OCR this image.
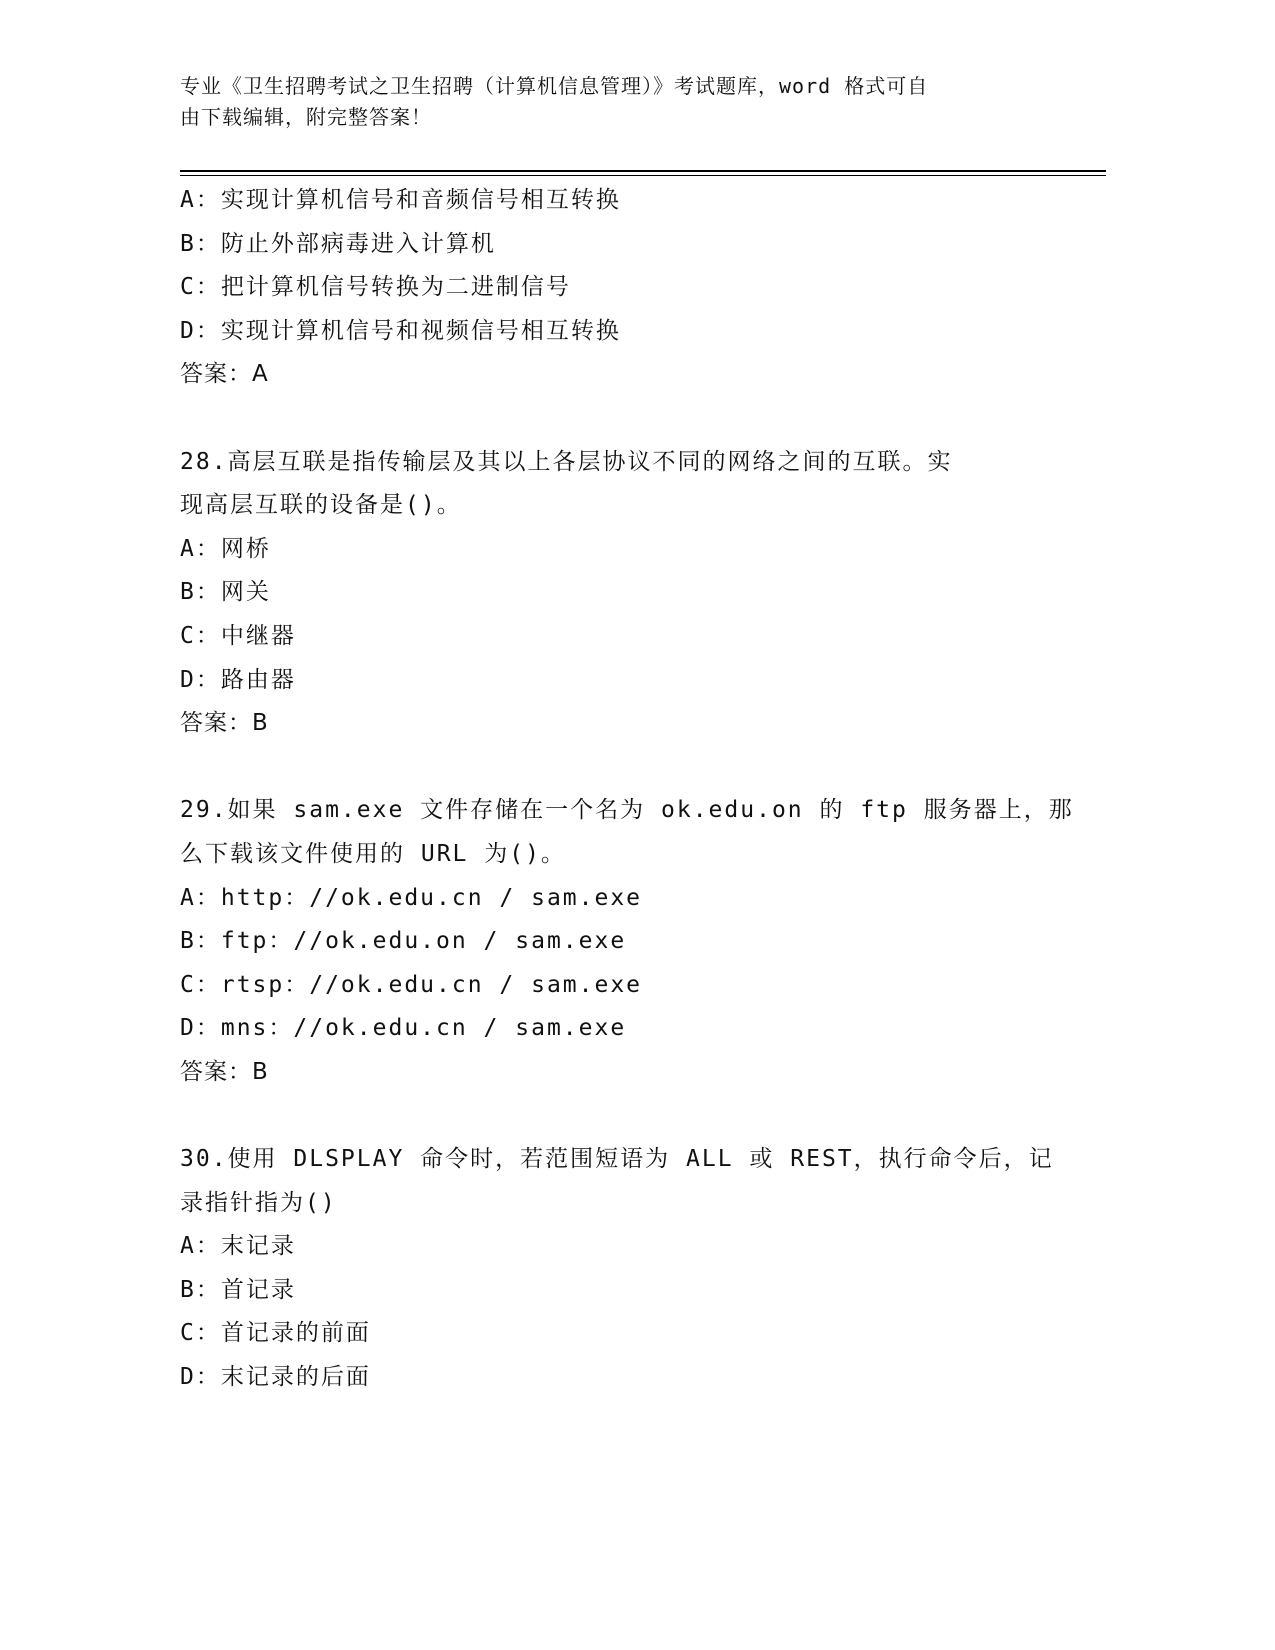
专业《卫生招聘考试之卫生招聘（计算机信息管理）》考试题库，word 格式可自
由下载编辑，附完整答案！
A：实现计算机信号和音频信号相互转换
B：防止外部病毒进入计算机
C：把计算机信号转换为二进制信号
D：实现计算机信号和视频信号相互转换
答案：A
28.高层互联是指传输层及其以上各层协议不同的网络之间的互联。实
现高层互联的设备是()。
A：网桥
B：网关
C：中继器
D：路由器
答案：B
29.如果 sam.exe 文件存储在一个名为 ok.edu.on 的 ftp 服务器上，那
么下载该文件使用的 URL 为()。
A：http：//ok.edu.cn / sam.exe
B：ftp：//ok.edu.on / sam.exe
C：rtsp：//ok.edu.cn / sam.exe
D：mns：//ok.edu.cn / sam.exe
答案：B
30.使用 DLSPLAY 命令时，若范围短语为 ALL 或 REST，执行命令后，记
录指针指为()
A：末记录
B：首记录
C：首记录的前面
D：末记录的后面
